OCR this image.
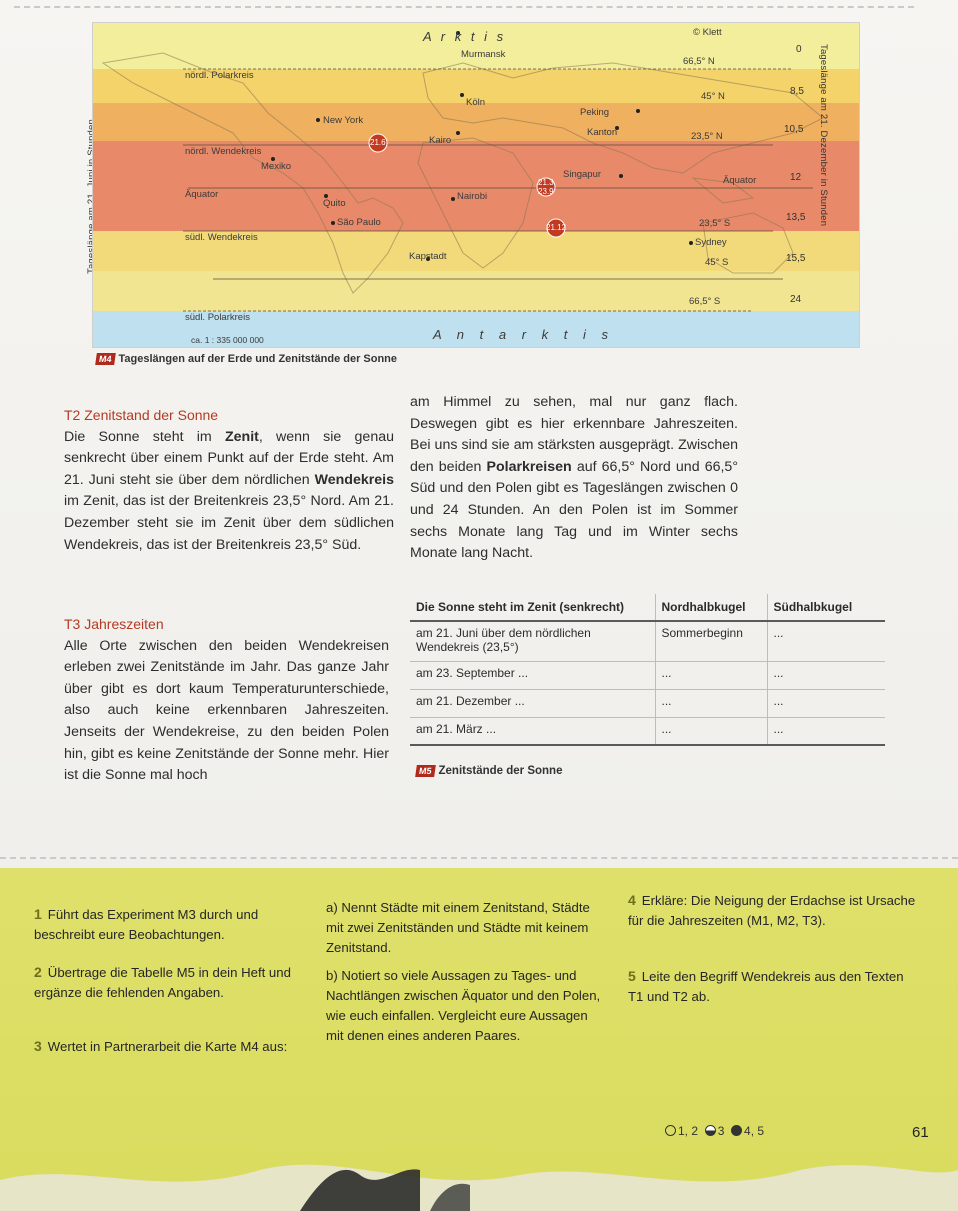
A r k t i s	© Klett
nördl. Polarkreis
nördl. Wendekreis
Äquator
südl. Wendekreis
südl. Polarkreis
66,5° N
45° N
23,5° N
Äquator
23,5° S
45° S
66,5° S
Murmansk
Köln
Peking
New York
Kanton
Kairo
Mexiko
Singapur
Quito
Nairobi
São Paulo
Sydney
Kapstadt
21.6
21.3
23.9
21.12
A n t a r k t i s
ca. 1 : 335 000 000
0
8,5
10,5
12
13,5
15,5
24
Tageslänge am 21. Dezember in Stunden
M4 Tageslängen auf der Erde und Zenitstände der Sonne
T2 Zenitstand der Sonne

Die Sonne steht im Zenit, wenn sie genau senkrecht über einem Punkt auf der Erde steht. Am 21. Juni steht sie über dem nördlichen Wendekreis im Zenit, das ist der Breitenkreis 23,5° Nord. Am 21. Dezember steht sie im Zenit über dem südlichen Wendekreis, das ist der Breitenkreis 23,5° Süd.

am Himmel zu sehen, mal nur ganz flach. Deswegen gibt es hier erkennbare Jahreszeiten. Bei uns sind sie am stärksten ausgeprägt. Zwischen den beiden Polarkreisen auf 66,5° Nord und 66,5° Süd und den Polen gibt es Tageslängen zwischen 0 und 24 Stunden. An den Polen ist im Sommer sechs Monate lang Tag und im Winter sechs Monate lang Nacht.

T3 Jahreszeiten

Alle Orte zwischen den beiden Wendekreisen erleben zwei Zenitstände im Jahr. Das ganze Jahr über gibt es dort kaum Temperaturunterschiede, also auch keine erkennbaren Jahreszeiten. Jenseits der Wendekreise, zu den beiden Polen hin, gibt es keine Zenitstände der Sonne mehr. Hier ist die Sonne mal hoch

Die Sonne steht im Zenit (senkrecht)	Nordhalbkugel	Südhalbkugel
am 21. Juni über dem nördlichen Wendekreis (23,5°)	Sommerbeginn	...
am 23. September ...	...	...
am 21. Dezember ...	...	...
am 21. März ...	...	...
M5 Zenitstände der Sonne
1 Führt das Experiment M3 durch und beschreibt eure Beobachtungen.
2 Übertrage die Tabelle M5 in dein Heft und ergänze die fehlenden Angaben.
3 Wertet in Partnerarbeit die Karte M4 aus:
a) Nennt Städte mit einem Zenitstand, Städte mit zwei Zenitständen und Städte mit keinem Zenitstand.
b) Notiert so viele Aussagen zu Tages- und Nachtlängen zwischen Äquator und den Polen, wie euch einfallen. Vergleicht eure Aussagen mit denen eines anderen Paares.
4 Erkläre: Die Neigung der Erdachse ist Ursache für die Jahreszeiten (M1, M2, T3).
5 Leite den Begriff Wendekreis aus den Texten T1 und T2 ab.
1, 2 3 4, 5	61
